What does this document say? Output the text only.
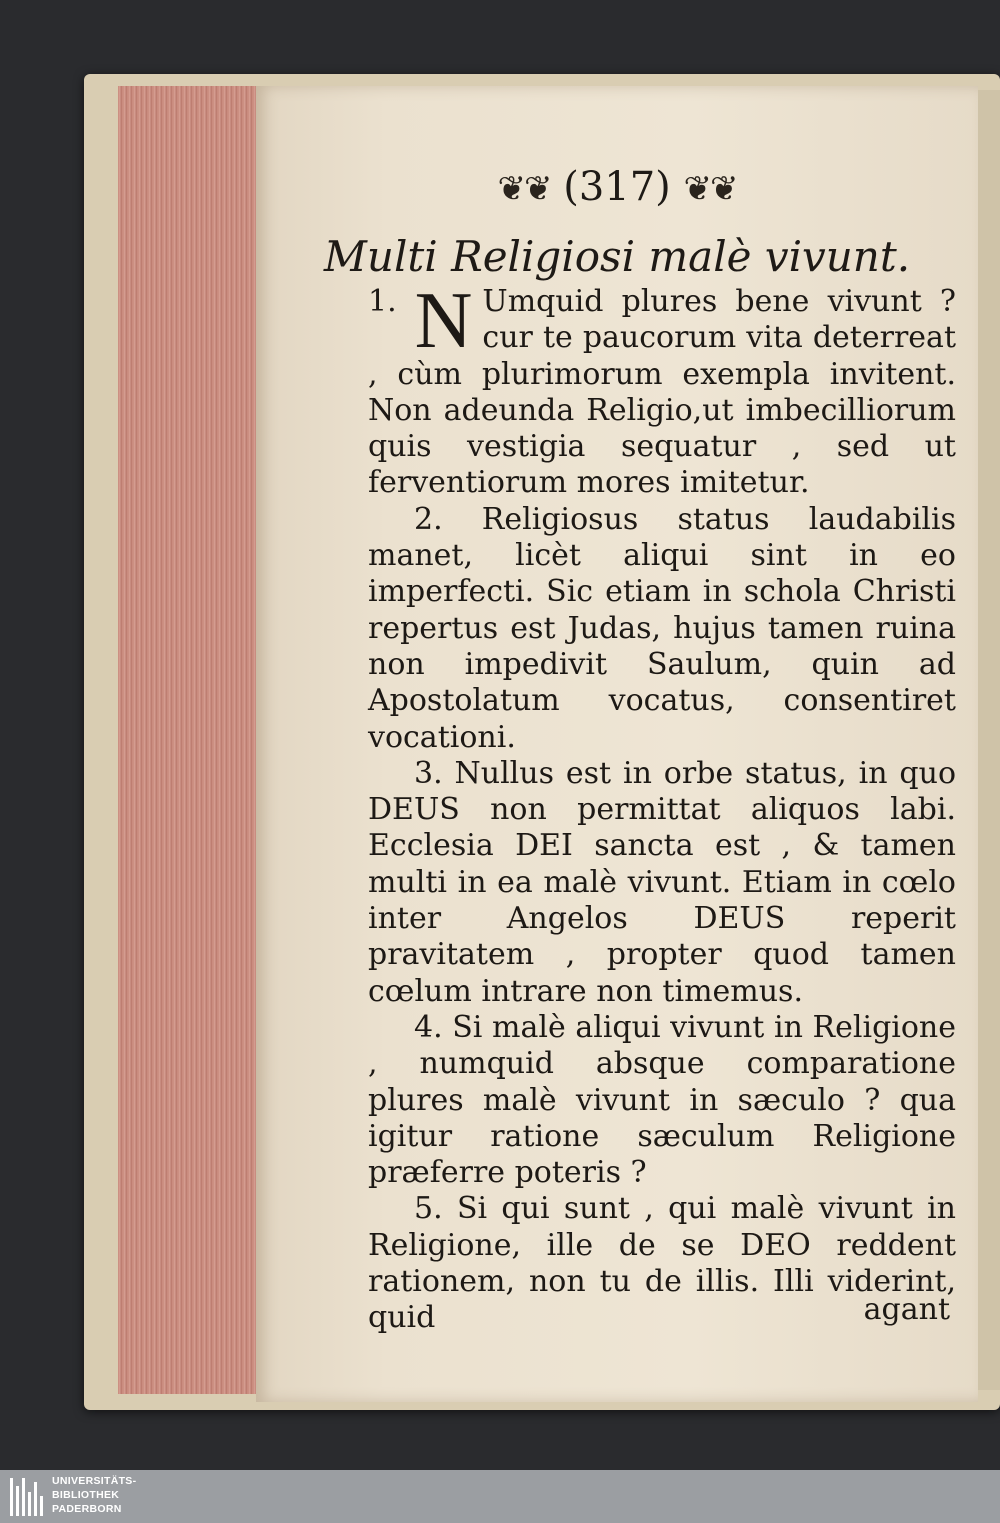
❦❦ (317) ❦❦
Multi Religiosi malè vivunt.

1. N Umquid plures bene vivunt ? cur te paucorum vita deterreat , cùm plurimorum exempla invitent. Non adeunda Religio,ut imbecilliorum quis vestigia sequatur , sed ut ferventiorum mores imitetur.

2. Religiosus status laudabilis manet, licèt aliqui sint in eo imperfecti. Sic etiam in schola Christi repertus est Judas, hujus tamen ruina non impedivit Saulum, quin ad Apostolatum vocatus, consentiret vocationi.

3. Nullus est in orbe status, in quo DEUS non permittat aliquos labi. Ecclesia DEI sancta est , & tamen multi in ea malè vivunt. Etiam in cœlo inter Angelos DEUS reperit pravitatem , propter quod tamen cœlum intrare non timemus.

4. Si malè aliqui vivunt in Religione , numquid absque comparatione plures malè vivunt in sæculo ? qua igitur ratione sæculum Religione præferre poteris ?

5. Si qui sunt , qui malè vivunt in Religione, ille de se DEO reddent rationem, non tu de illis. Illi viderint, quid	agant
UNIVERSITÄTS-
BIBLIOTHEK
PADERBORN
